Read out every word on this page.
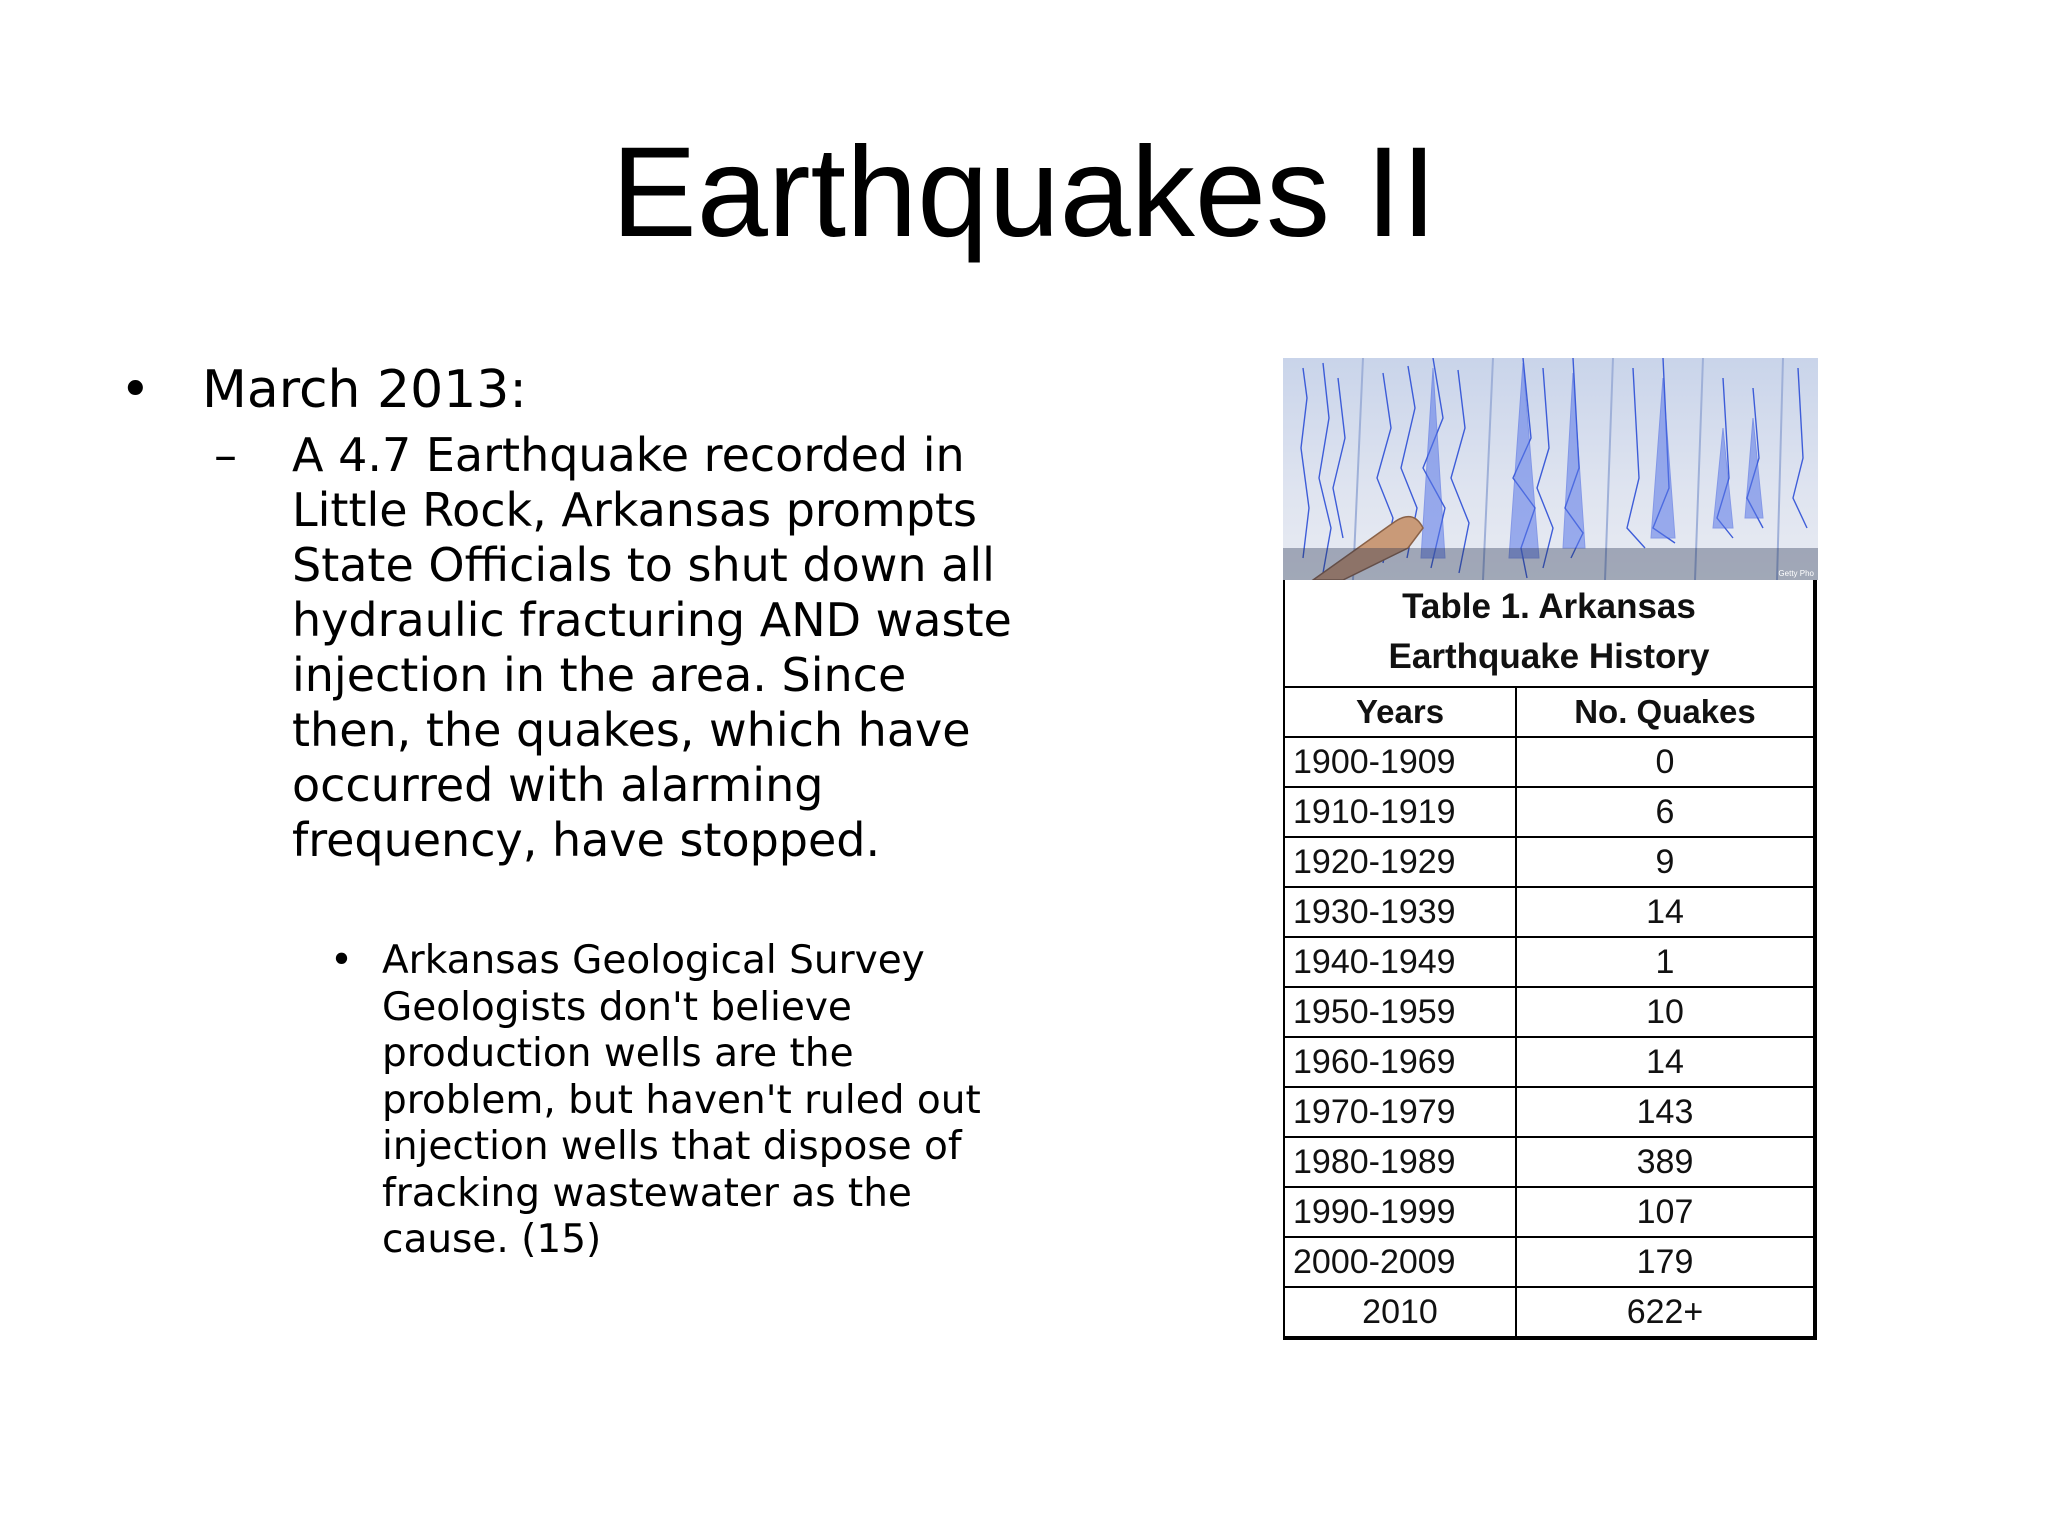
Earthquakes II
• March 2013:
– A 4.7 Earthquake recorded in Little Rock, Arkansas prompts State Officials to shut down all hydraulic fracturing AND waste injection in the area. Since then, the quakes, which have occurred with alarming frequency, have stopped.
• Arkansas Geological Survey Geologists don't believe production wells are the problem, but haven't ruled out injection wells that dispose of fracking wastewater as the cause. (15)
Getty Pho
Table 1. Arkansas
Earthquake History	

Years	No. Quakes
1900-1909	0
1910-1919	6
1920-1929	9
1930-1939	14
1940-1949	1
1950-1959	10
1960-1969	14
1970-1979	143
1980-1989	389
1990-1999	107
2000-2009	179
2010	622+
